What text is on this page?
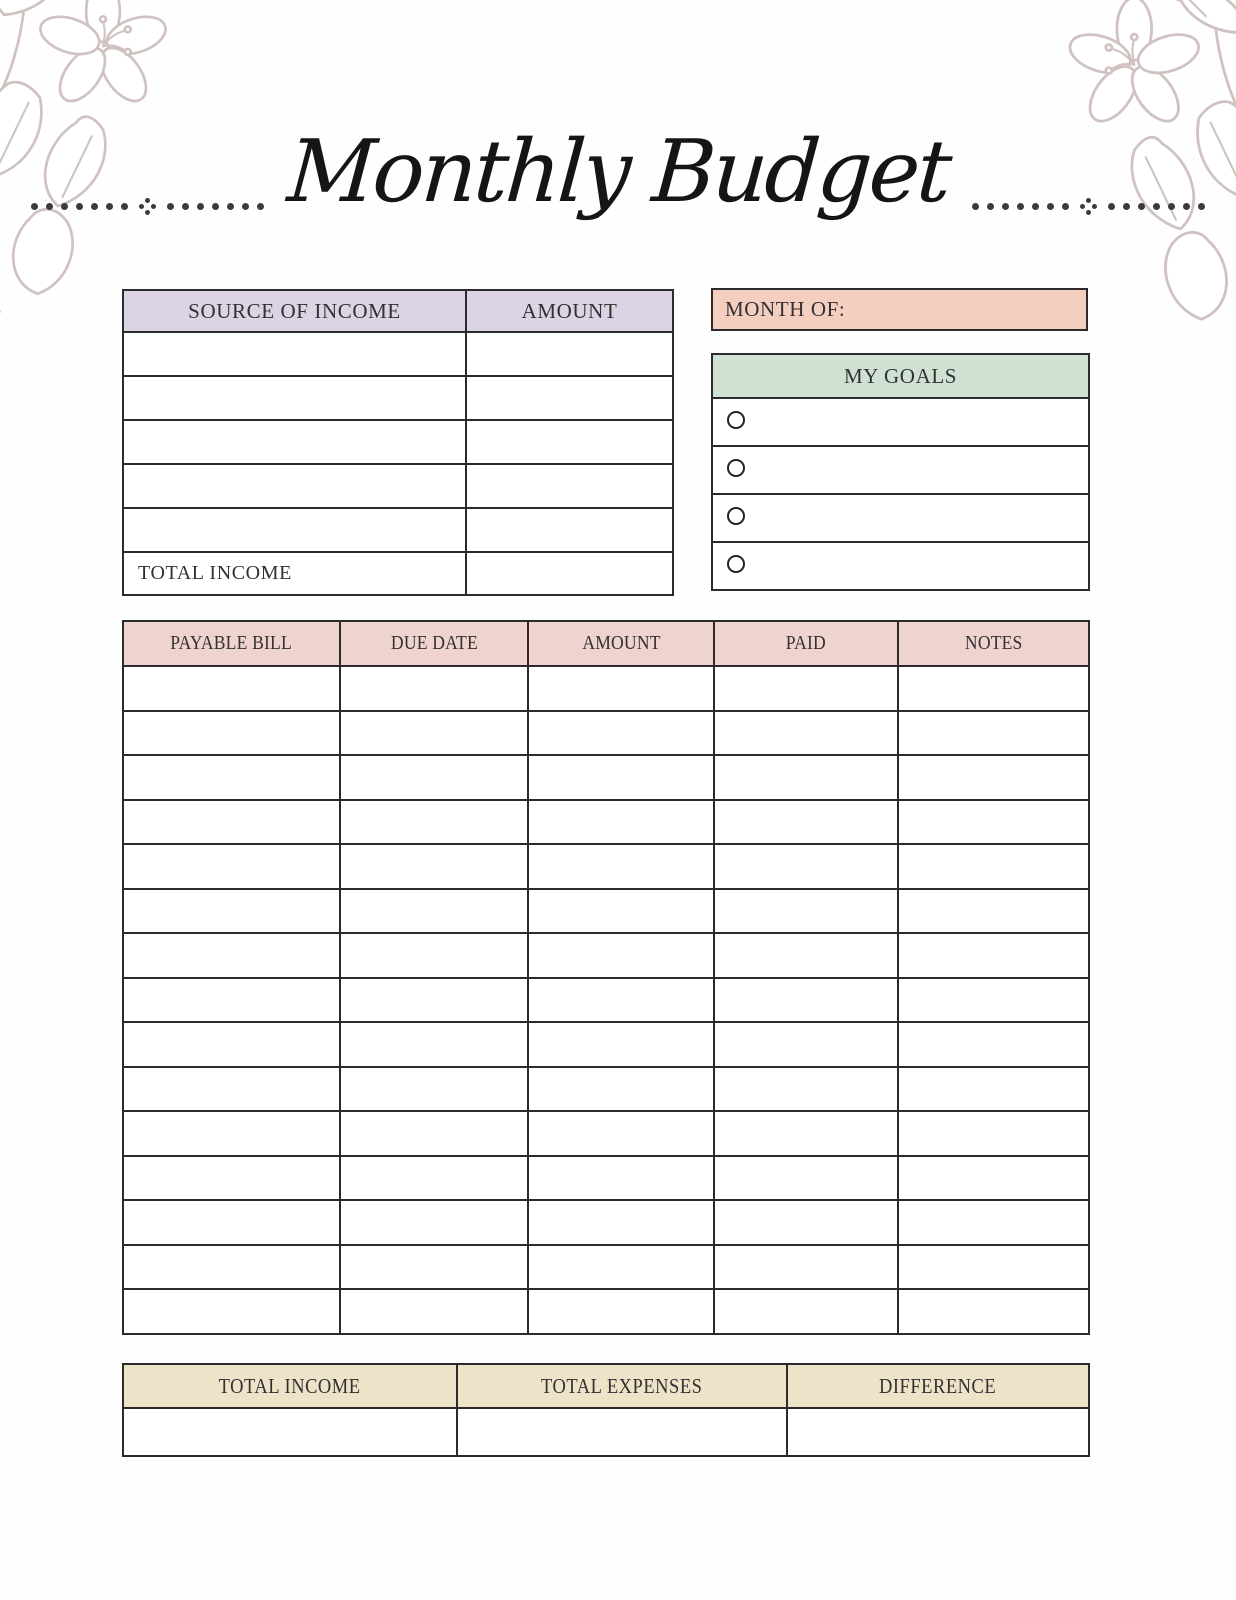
Monthly Budget
SOURCE OF INCOME	AMOUNT

TOTAL INCOME	
MONTH OF:
MY GOALS

PAYABLE BILL	DUE DATE	AMOUNT	PAID	NOTES

TOTAL INCOME	TOTAL EXPENSES	DIFFERENCE
